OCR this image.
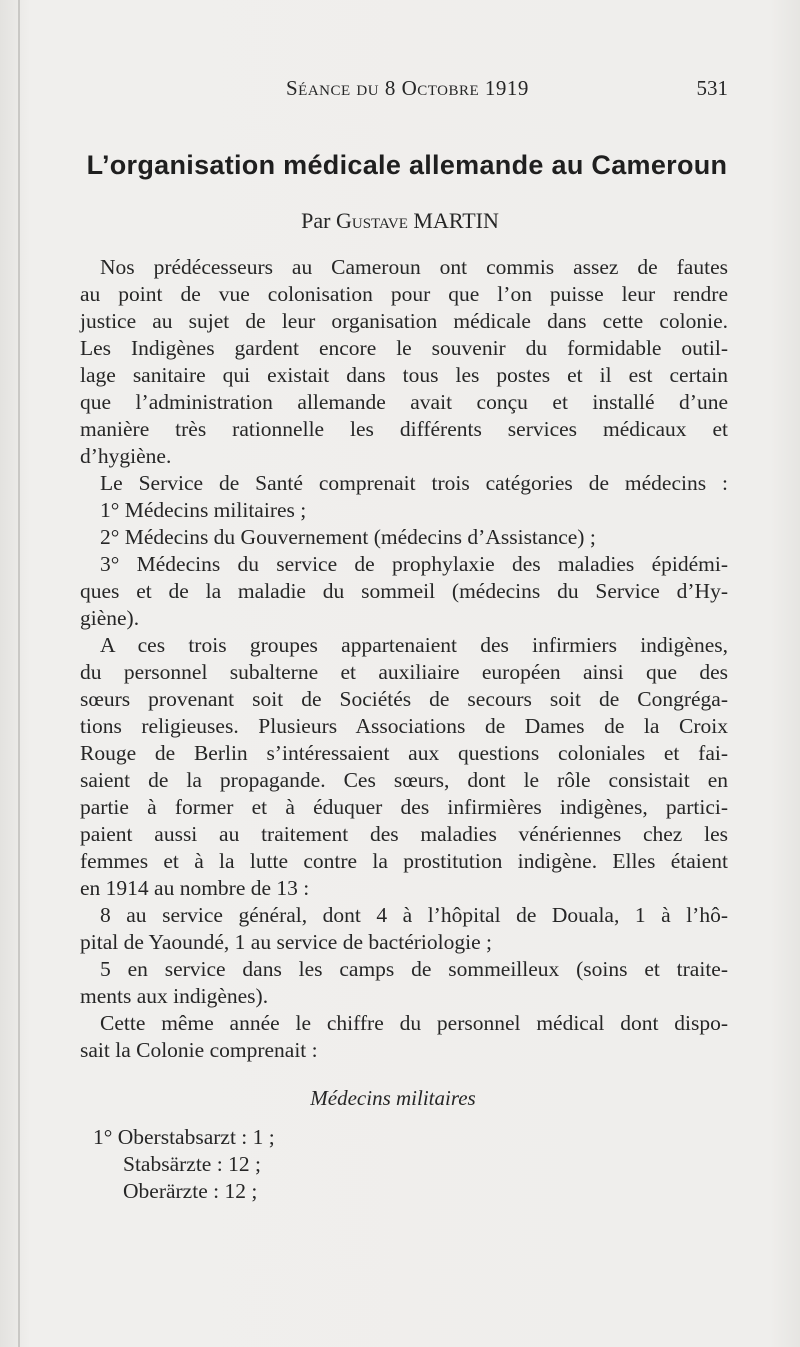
Séance du 8 Octobre 1919	531
L’organisation médicale allemande au Cameroun
Par Gustave MARTIN
Nos prédécesseurs au Cameroun ont commis assez de fautes
au point de vue colonisation pour que l’on puisse leur rendre
justice au sujet de leur organisation médicale dans cette colonie.
Les Indigènes gardent encore le souvenir du formidable outil-
lage sanitaire qui existait dans tous les postes et il est certain
que l’administration allemande avait conçu et installé d’une
manière très rationnelle les différents services médicaux et
d’hygiène.
Le Service de Santé comprenait trois catégories de médecins :
1° Médecins militaires ;
2° Médecins du Gouvernement (médecins d’Assistance) ;
3° Médecins du service de prophylaxie des maladies épidémi-
ques et de la maladie du sommeil (médecins du Service d’Hy-
giène).
A ces trois groupes appartenaient des infirmiers indigènes,
du personnel subalterne et auxiliaire européen ainsi que des
sœurs provenant soit de Sociétés de secours soit de Congréga-
tions religieuses. Plusieurs Associations de Dames de la Croix
Rouge de Berlin s’intéressaient aux questions coloniales et fai-
saient de la propagande. Ces sœurs, dont le rôle consistait en
partie à former et à éduquer des infirmières indigènes, partici-
paient aussi au traitement des maladies vénériennes chez les
femmes et à la lutte contre la prostitution indigène. Elles étaient
en 1914 au nombre de 13 :
8 au service général, dont 4 à l’hôpital de Douala, 1 à l’hô-
pital de Yaoundé, 1 au service de bactériologie ;
5 en service dans les camps de sommeilleux (soins et traite-
ments aux indigènes).
Cette même année le chiffre du personnel médical dont dispo-
sait la Colonie comprenait :
Médecins militaires
1° Oberstabsarzt : 1 ;
Stabsärzte : 12 ;
Oberärzte : 12 ;
